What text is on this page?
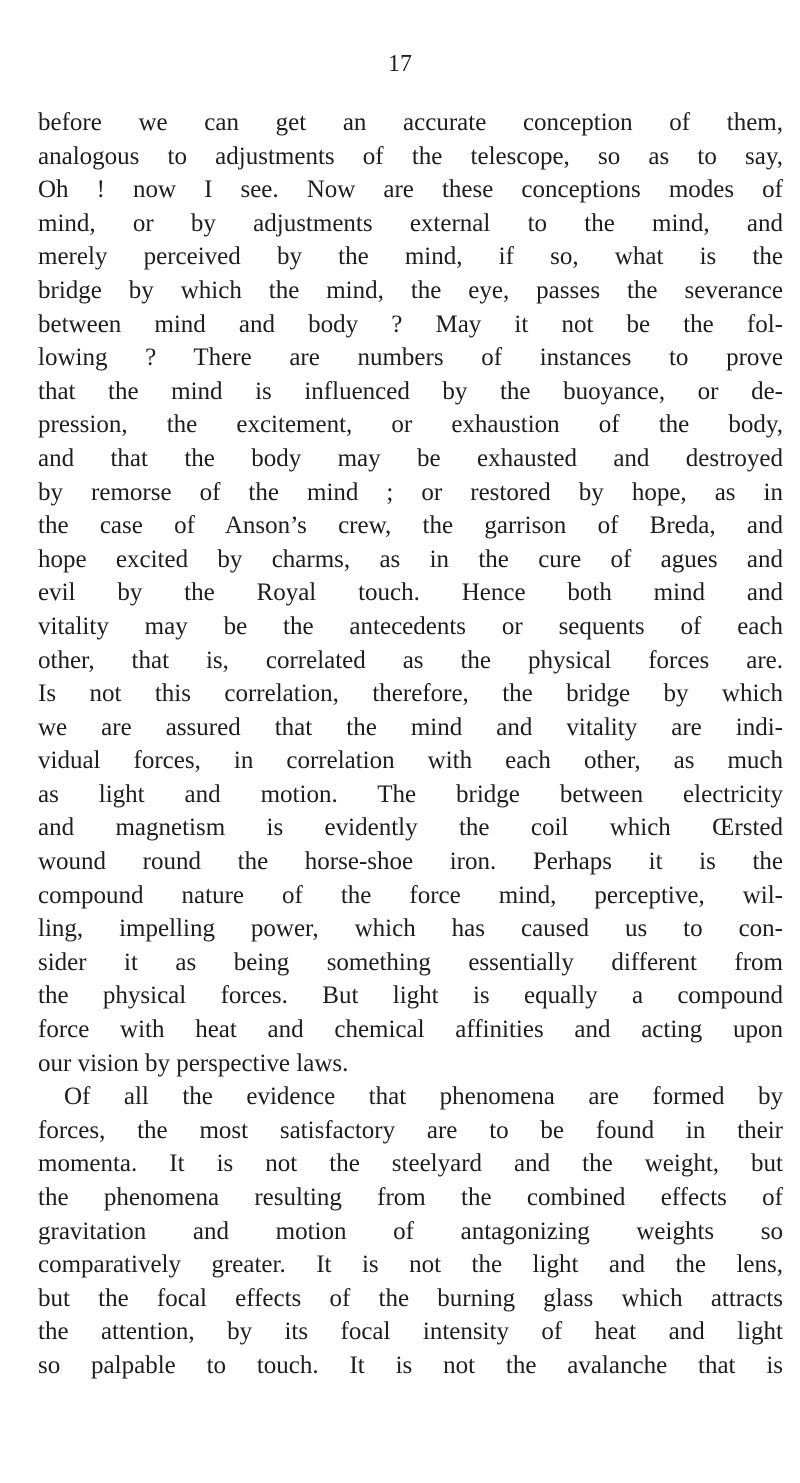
17
before we can get an accurate conception of them,
analogous to adjustments of the telescope, so as to say,
Oh ! now I see. Now are these conceptions modes of
mind, or by adjustments external to the mind, and
merely perceived by the mind, if so, what is the
bridge by which the mind, the eye, passes the severance
between mind and body ? May it not be the fol-
lowing ? There are numbers of instances to prove
that the mind is influenced by the buoyance, or de-
pression, the excitement, or exhaustion of the body,
and that the body may be exhausted and destroyed
by remorse of the mind ; or restored by hope, as in
the case of Anson’s crew, the garrison of Breda, and
hope excited by charms, as in the cure of agues and
evil by the Royal touch. Hence both mind and
vitality may be the antecedents or sequents of each
other, that is, correlated as the physical forces are.
Is not this correlation, therefore, the bridge by which
we are assured that the mind and vitality are indi-
vidual forces, in correlation with each other, as much
as light and motion. The bridge between electricity
and magnetism is evidently the coil which Œrsted
wound round the horse-shoe iron. Perhaps it is the
compound nature of the force mind, perceptive, wil-
ling, impelling power, which has caused us to con-
sider it as being something essentially different from
the physical forces. But light is equally a compound
force with heat and chemical affinities and acting upon
our vision by perspective laws.
Of all the evidence that phenomena are formed by
forces, the most satisfactory are to be found in their
momenta. It is not the steelyard and the weight, but
the phenomena resulting from the combined effects of
gravitation and motion of antagonizing weights so
comparatively greater. It is not the light and the lens,
but the focal effects of the burning glass which attracts
the attention, by its focal intensity of heat and light
so palpable to touch. It is not the avalanche that is
